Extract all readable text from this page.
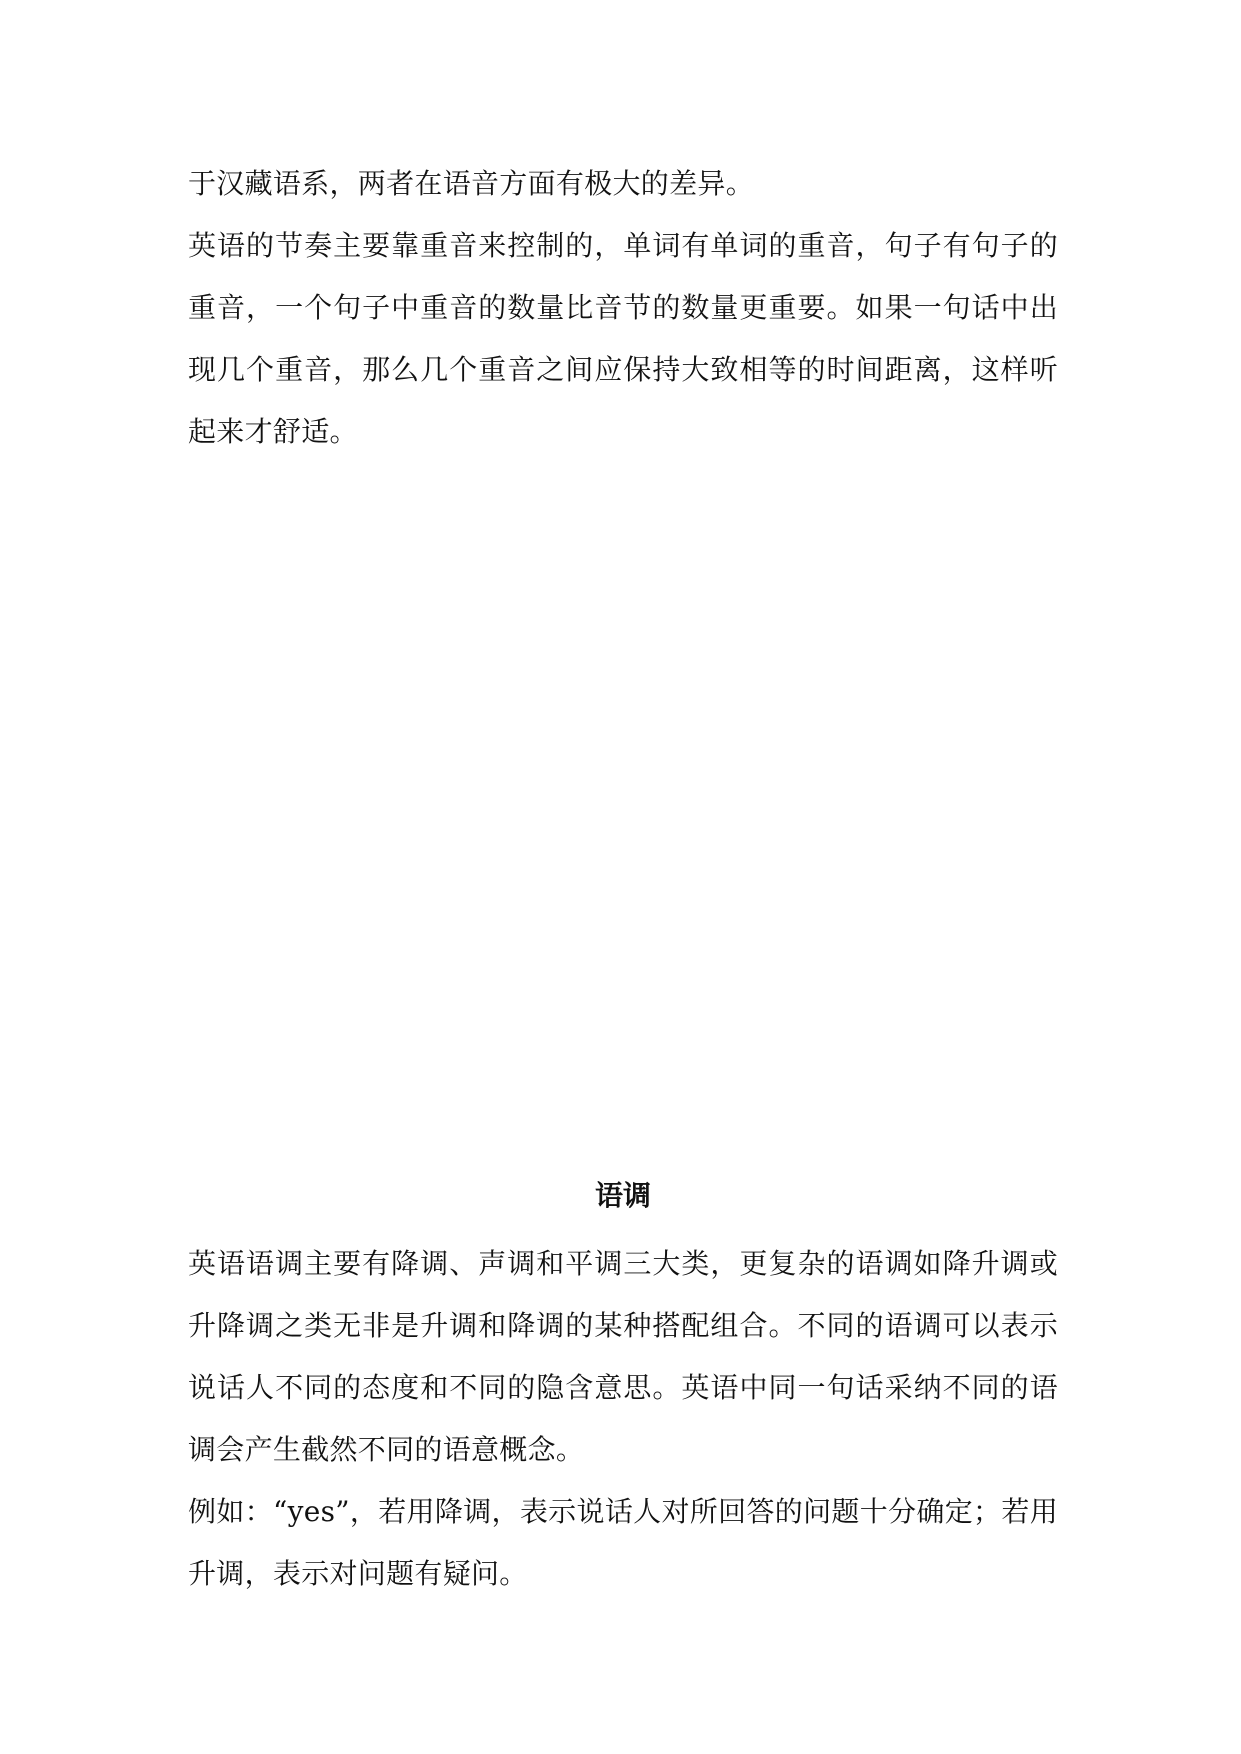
于汉藏语系，两者在语音方面有极大的差异。

英语的节奏主要靠重音来控制的，单词有单词的重音，句子有句子的重音，一个句子中重音的数量比音节的数量更重要。如果一句话中出现几个重音，那么几个重音之间应保持大致相等的时间距离，这样听起来才舒适。

语调

英语语调主要有降调、声调和平调三大类，更复杂的语调如降升调或升降调之类无非是升调和降调的某种搭配组合。不同的语调可以表示说话人不同的态度和不同的隐含意思。英语中同一句话采纳不同的语调会产生截然不同的语意概念。

例如：“yes”，若用降调，表示说话人对所回答的问题十分确定；若用升调，表示对问题有疑问。
